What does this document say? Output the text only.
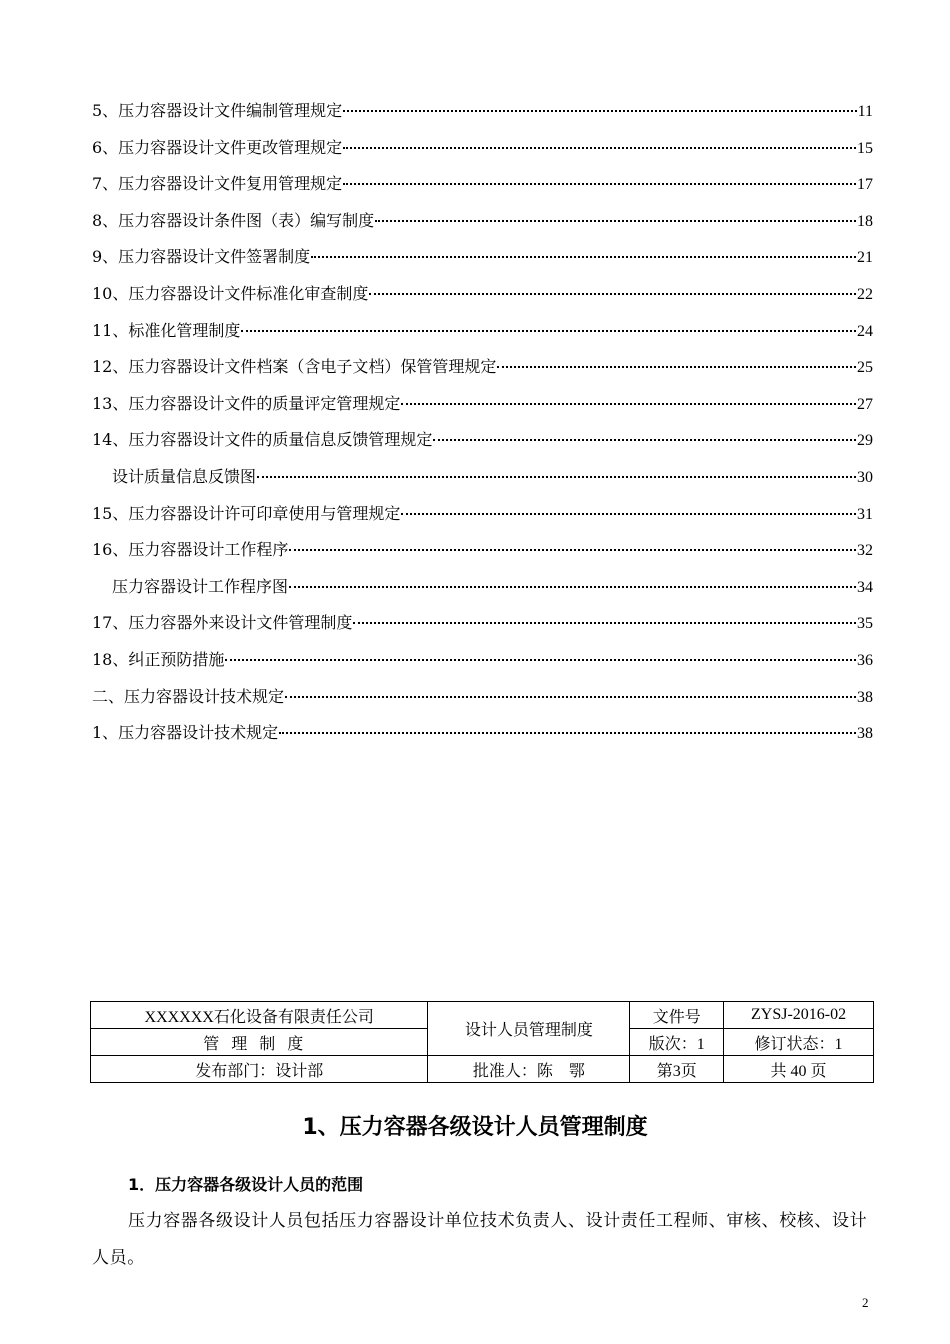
5、压力容器设计文件编制管理规定	11
6、压力容器设计文件更改管理规定	15
7、压力容器设计文件复用管理规定	17
8、压力容器设计条件图（表）编写制度	18
9、压力容器设计文件签署制度	21
10、压力容器设计文件标准化审查制度	22
11、标准化管理制度	24
12、压力容器设计文件档案（含电子文档）保管管理规定	25
13、压力容器设计文件的质量评定管理规定	27
14、压力容器设计文件的质量信息反馈管理规定	29
设计质量信息反馈图	30
15、压力容器设计许可印章使用与管理规定	31
16、压力容器设计工作程序	32
压力容器设计工作程序图	34
17、压力容器外来设计文件管理制度	35
18、纠正预防措施	36
二、压力容器设计技术规定	38
1、压力容器设计技术规定	38
XXXXXX石化设备有限责任公司	设计人员管理制度	文件号	ZYSJ-2016-02
管理制度		版次：1	修订状态：1
发布部门：设计部	批准人：陈　鄂	第3页	共 40 页
1、压力容器各级设计人员管理制度
1．压力容器各级设计人员的范围
压力容器各级设计人员包括压力容器设计单位技术负责人、设计责任工程师、审核、校核、设计人员。
2
